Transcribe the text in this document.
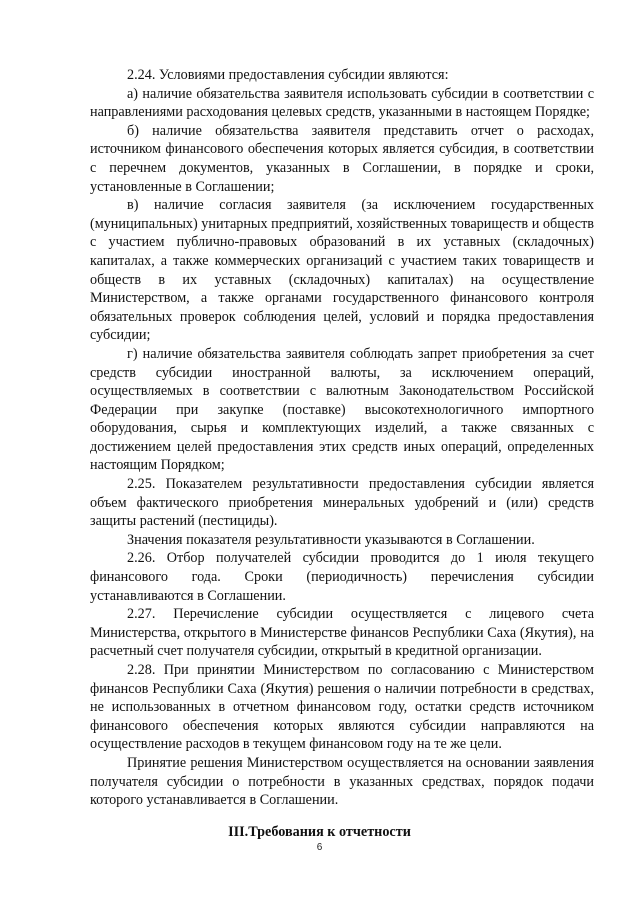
2.24. Условиями предоставления субсидии являются:

а) наличие обязательства заявителя использовать субсидии в соответствии с направлениями расходования целевых средств, указанными в настоящем Порядке;

б) наличие обязательства заявителя представить отчет о расходах, источником финансового обеспечения которых является субсидия, в соответствии с перечнем документов, указанных в Соглашении, в порядке и сроки, установленные в Соглашении;

в) наличие согласия заявителя (за исключением государственных (муниципальных) унитарных предприятий, хозяйственных товариществ и обществ с участием публично-правовых образований в их уставных (складочных) капиталах, а также коммерческих организаций с участием таких товариществ и обществ в их уставных (складочных) капиталах) на осуществление Министерством, а также органами государственного финансового контроля обязательных проверок соблюдения целей, условий и порядка предоставления субсидии;

г) наличие обязательства заявителя соблюдать запрет приобретения за счет средств субсидии иностранной валюты, за исключением операций, осуществляемых в соответствии с валютным Законодательством Российской Федерации при закупке (поставке) высокотехнологичного импортного оборудования, сырья и комплектующих изделий, а также связанных с достижением целей предоставления этих средств иных операций, определенных настоящим Порядком;

2.25. Показателем результативности предоставления субсидии является объем фактического приобретения минеральных удобрений и (или) средств защиты растений (пестициды).

Значения показателя результативности указываются в Соглашении.

2.26. Отбор получателей субсидии проводится до 1 июля текущего финансового года. Сроки (периодичность) перечисления субсидии устанавливаются в Соглашении.

2.27. Перечисление субсидии осуществляется с лицевого счета Министерства, открытого в Министерстве финансов Республики Саха (Якутия), на расчетный счет получателя субсидии, открытый в кредитной организации.

2.28. При принятии Министерством по согласованию с Министерством финансов Республики Саха (Якутия) решения о наличии потребности в средствах, не использованных в отчетном финансовом году, остатки средств источником финансового обеспечения которых являются субсидии направляются на осуществление расходов в текущем финансовом году на те же цели.

Принятие решения Министерством осуществляется на основании заявления получателя субсидии о потребности в указанных средствах, порядок подачи которого устанавливается в Соглашении.

III.Требования к отчетности

6
